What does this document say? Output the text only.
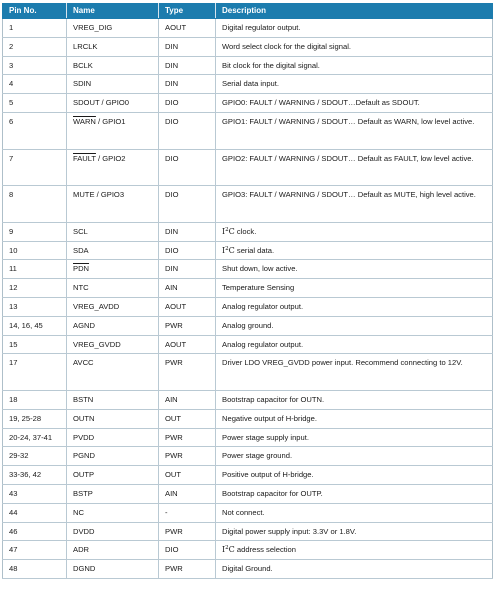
Pin No.	Name	Type	Description
1	VREG_DIG	AOUT	Digital regulator output.
2	LRCLK	DIN	Word select clock for the digital signal.
3	BCLK	DIN	Bit clock for the digital signal.
4	SDIN	DIN	Serial data input.
5	SDOUT / GPIO0	DIO	GPIO0: FAULT / WARNING / SDOUT…Default as SDOUT.
6	WARN / GPIO1	DIO	GPIO1: FAULT / WARNING / SDOUT… Default as WARN, low level active.
7	FAULT / GPIO2	DIO	GPIO2: FAULT / WARNING / SDOUT… Default as FAULT, low level active.
8	MUTE / GPIO3	DIO	GPIO3: FAULT / WARNING / SDOUT… Default as MUTE, high level active.
9	SCL	DIN	$I^2C$ clock.
10	SDA	DIO	$I^2C$ serial data.
11	$\overline{PDN}$	DIN	Shut down, low active.
12	NTC	AIN	Temperature Sensing
13	VREG_AVDD	AOUT	Analog regulator output.
14, 16, 45	AGND	PWR	Analog ground.
15	VREG_GVDD	AOUT	Analog regulator output.
17	AVCC	PWR	Driver LDO VREG_GVDD power input. Recommend connecting to 12V.
18	BSTN	AIN	Bootstrap capacitor for OUTN.
19, 25-28	OUTN	OUT	Negative output of H-bridge.
20-24, 37-41	PVDD	PWR	Power stage supply input.
29-32	PGND	PWR	Power stage ground.
33-36, 42	OUTP	OUT	Positive output of H-bridge.
43	BSTP	AIN	Bootstrap capacitor for OUTP.
44	NC	-	Not connect.
46	DVDD	PWR	Digital power supply input: 3.3V or 1.8V.
47	ADR	DIO	$I^2C$ address selection
48	DGND	PWR	Digital Ground.
